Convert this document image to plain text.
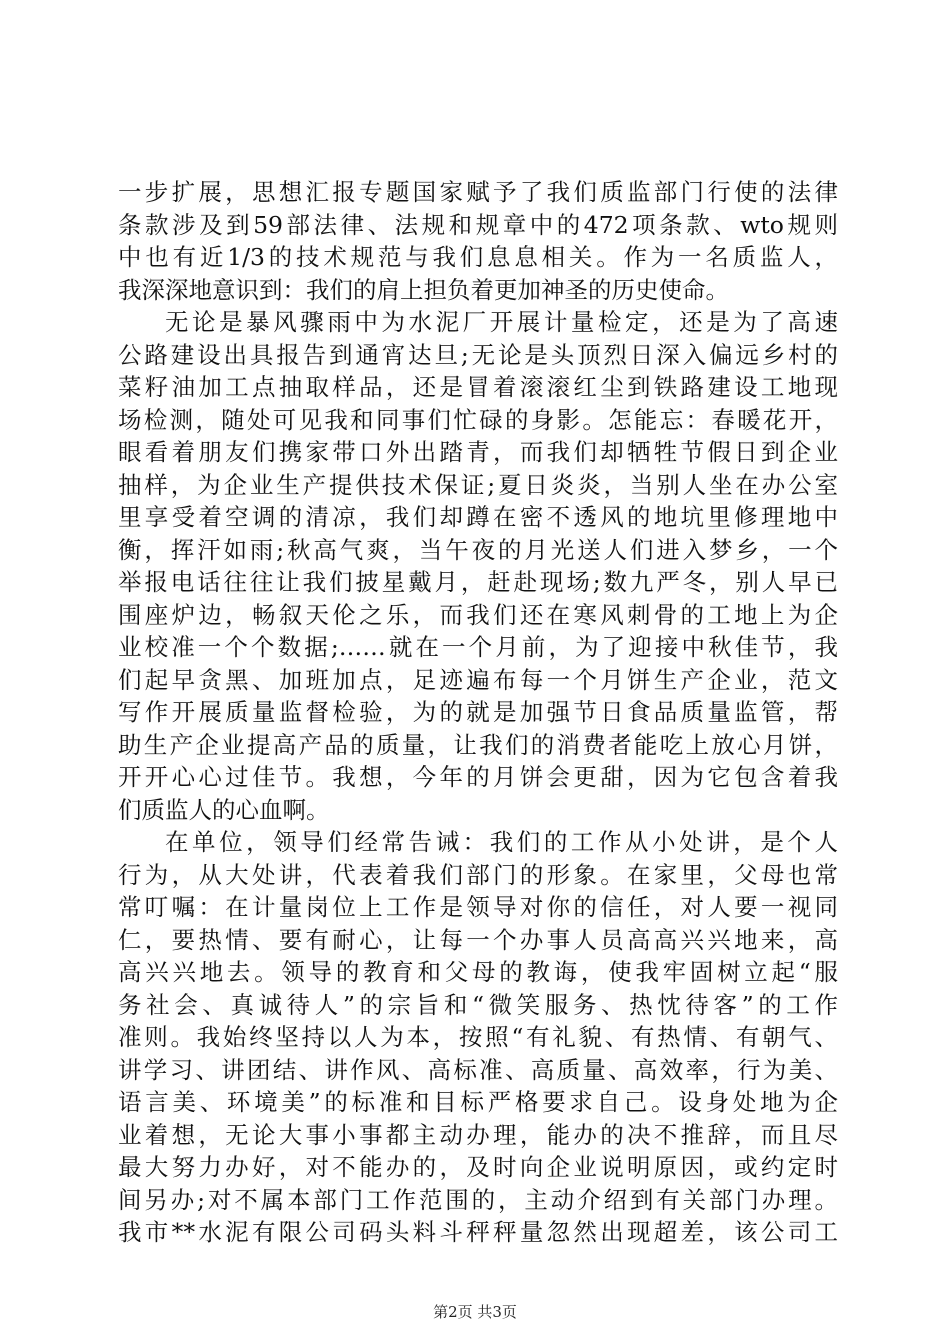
一步扩展，思想汇报专题国家赋予了我们质监部门行使的法律
条款涉及到59部法律、法规和规章中的472项条款、wto规则
中也有近1/3的技术规范与我们息息相关。作为一名质监人，
我深深地意识到：我们的肩上担负着更加神圣的历史使命。
无论是暴风骤雨中为水泥厂开展计量检定，还是为了高速
公路建设出具报告到通宵达旦;无论是头顶烈日深入偏远乡村的
菜籽油加工点抽取样品，还是冒着滚滚红尘到铁路建设工地现
场检测，随处可见我和同事们忙碌的身影。怎能忘：春暖花开，
眼看着朋友们携家带口外出踏青，而我们却牺牲节假日到企业
抽样，为企业生产提供技术保证;夏日炎炎，当别人坐在办公室
里享受着空调的清凉，我们却蹲在密不透风的地坑里修理地中
衡，挥汗如雨;秋高气爽，当午夜的月光送人们进入梦乡，一个
举报电话往往让我们披星戴月，赶赴现场;数九严冬，别人早已
围座炉边，畅叙天伦之乐，而我们还在寒风刺骨的工地上为企
业校准一个个数据;……就在一个月前，为了迎接中秋佳节，我
们起早贪黑、加班加点，足迹遍布每一个月饼生产企业，范文
写作开展质量监督检验，为的就是加强节日食品质量监管，帮
助生产企业提高产品的质量，让我们的消费者能吃上放心月饼，
开开心心过佳节。我想，今年的月饼会更甜，因为它包含着我
们质监人的心血啊。
在单位，领导们经常告诫：我们的工作从小处讲，是个人
行为，从大处讲，代表着我们部门的形象。在家里，父母也常
常叮嘱：在计量岗位上工作是领导对你的信任，对人要一视同
仁，要热情、要有耐心，让每一个办事人员高高兴兴地来，高
高兴兴地去。领导的教育和父母的教诲，使我牢固树立起“服
务社会、真诚待人”的宗旨和“微笑服务、热忱待客”的工作
准则。我始终坚持以人为本，按照“有礼貌、有热情、有朝气、
讲学习、讲团结、讲作风、高标准、高质量、高效率，行为美、
语言美、环境美”的标准和目标严格要求自己。设身处地为企
业着想，无论大事小事都主动办理，能办的决不推辞，而且尽
最大努力办好，对不能办的，及时向企业说明原因，或约定时
间另办;对不属本部门工作范围的，主动介绍到有关部门办理。
我市**水泥有限公司码头料斗秤秤量忽然出现超差，该公司工
第2页 共3页
